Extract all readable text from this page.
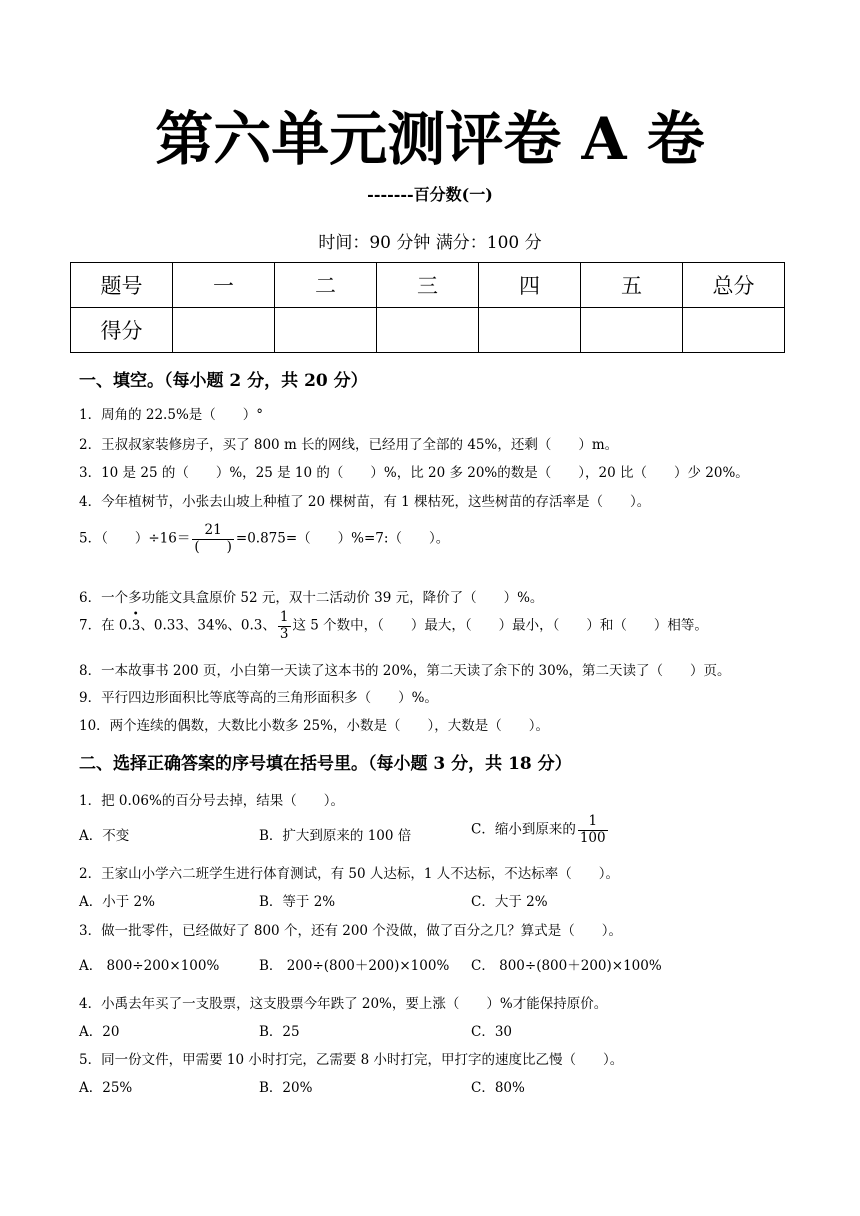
第六单元测评卷 A 卷
-------百分数(一)
时间：90 分钟 满分：100 分
题号	一	二	三	四	五	总分
得分						
一、填空。（每小题 2 分，共 20 分）
1．周角的 22.5%是（　　）°
2．王叔叔家装修房子，买了 800 m 长的网线，已经用了全部的 45%，还剩（　　）m。
3．10 是 25 的（　　）%，25 是 10 的（　　）%，比 20 多 20%的数是（　　），20 比（　　）少 20%。
4．今年植树节，小张去山坡上种植了 20 棵树苗，有 1 棵枯死，这些树苗的存活率是（　　）。
5．（　　）$\div 16= \frac{21}{( )} =0.875=$（　　）%=7:（　　）。
6．一个多功能文具盒原价 52 元，双十二活动价 39 元，降价了（　　）%。
7．在 0.• 3、0.33、34%、0.3、 $\frac{1}{3}$ 这 5 个数中，（　　）最大，（　　）最小，（　　）和（　　）相等。
8．一本故事书 200 页，小白第一天读了这本书的 20%，第二天读了余下的 30%，第二天读了（　　）页。
9．平行四边形面积比等底等高的三角形面积多（　　）%。
10．两个连续的偶数，大数比小数多 25%，小数是（　　），大数是（　　）。
二、选择正确答案的序号填在括号里。（每小题 3 分，共 18 分）
1．把 0.06%的百分号去掉，结果（　　）。
A．不变	B．扩大到原来的 100 倍	C．缩小到原来的 $\frac{1}{100}$
2．王家山小学六二班学生进行体育测试，有 50 人达标，1 人不达标，不达标率（　　）。
A．小于 2%	B．等于 2%	C．大于 2%
3．做一批零件，已经做好了 800 个，还有 200 个没做，做了百分之几？算式是（　　）。
A． 800÷200×100%	B． 200÷(800＋200)×100% C． 800÷(800＋200)×100%
4．小禹去年买了一支股票，这支股票今年跌了 20%，要上涨（　　）%才能保持原价。
A．20	B．25	C．30
5．同一份文件，甲需要 10 小时打完，乙需要 8 小时打完，甲打字的速度比乙慢（　　）。
A．25%	B．20%	C．80%
